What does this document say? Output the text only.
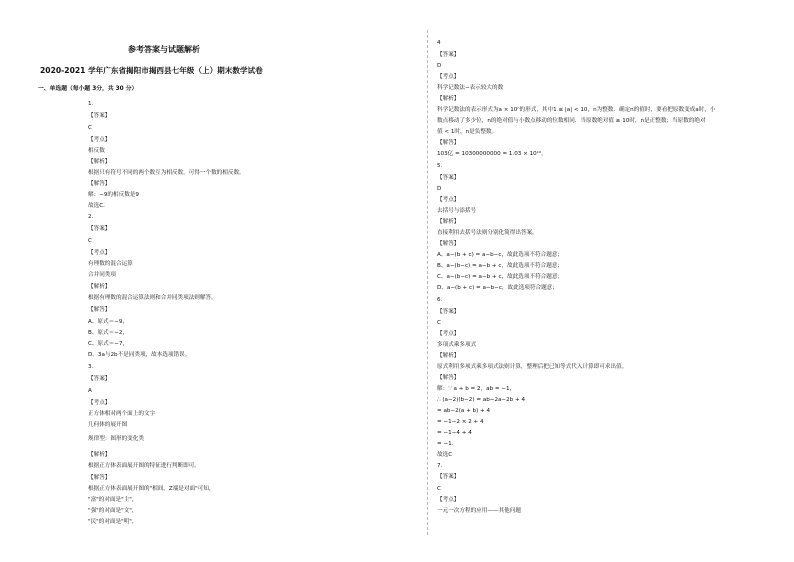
参考答案与试题解析
2020-2021 学年广东省揭阳市揭西县七年级（上）期末数学试卷
一、单选题（每小题 3分，共 30 分）
1.
【答案】
C
【考点】
相反数
【解析】
根据只有符号不同的两个数互为相反数，可得一个数的相反数。
【解答】
解：−9的相反数是9
故选C.
2.
【答案】
C
【考点】
有理数的混合运算
合并同类项
【解析】
根据有理数的混合运算法则和合并同类项法则解答。
【解答】
A、原式＝−9，
B、原式＝−2，
C、原式＝−7，
D、3a与2b不是同类项，故本选项错误。
3.
【答案】
A
【考点】
正方体相对两个面上的文字
几何体的展开图
规律型：图形的变化类
【解析】
根据正方体表面展开图的特征进行判断即可。
【解答】
根据正方体表面展开图的"相间、Z端是对面"可知，
"富"的对面是"主"，
"强"的对面是"文"，
"民"的对面是"明"，
4
【答案】
D
【考点】
科学记数法−表示较大的数
【解析】
科学记数法的表示形式为a × 10ⁿ的形式，其中1 ≤ |a| < 10，n为整数．确定n的值时，要看把原数变成a时，小
数点移动了多少位，n的绝对值与小数点移动的位数相同．当原数绝对值 ≥ 10时，n是正整数；当原数的绝对
值 < 1时，n是负整数。
【解答】
103亿 = 10300000000 = 1.03 × 10¹⁰。
5.
【答案】
D
【考点】
去括号与添括号
【解析】
直接利用去括号法则分别化简得出答案。
【解答】
A、a−(b + c) = a−b−c，故此选项不符合题意；
B、a−(b−c) = a−b + c，故此选项不符合题意；
C、a−(b−c) = a−b + c，故此选项不符合题意；
D、a−(b + c) = a−b−c，故此选项符合题意；
6.
【答案】
C
【考点】
多项式乘多项式
【解析】
原式利用多项式乘多项式法则计算，整理后把已知等式代入计算即可求出值。
【解答】
解：∵ a + b = 2，ab = −1，
∴ (a−2)(b−2) = ab−2a−2b + 4
= ab−2(a + b) + 4
= −1−2 × 2 + 4
= −1−4 + 4
= −1.
故选C
7.
【答案】
C
【考点】
一元一次方程的应用——其他问题
